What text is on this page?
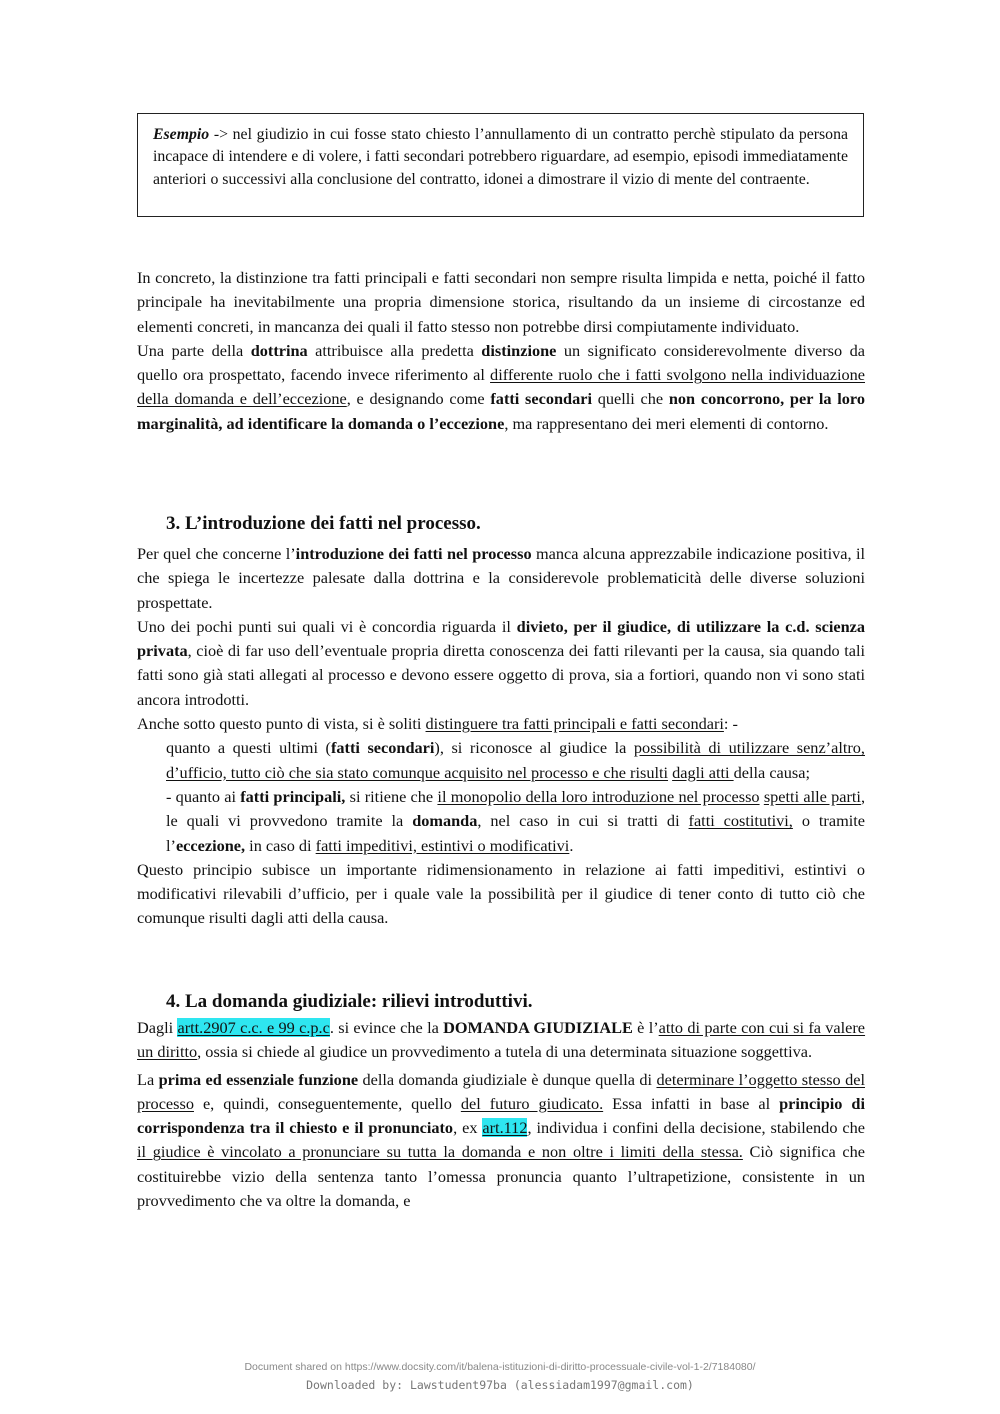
Esempio -> nel giudizio in cui fosse stato chiesto l’annullamento di un contratto perchè stipulato da persona incapace di intendere e di volere, i fatti secondari potrebbero riguardare, ad esempio, episodi immediatamente anteriori o successivi alla conclusione del contratto, idonei a dimostrare il vizio di mente del contraente.

In concreto, la distinzione tra fatti principali e fatti secondari non sempre risulta limpida e netta, poiché il fatto principale ha inevitabilmente una propria dimensione storica, risultando da un insieme di circostanze ed elementi concreti, in mancanza dei quali il fatto stesso non potrebbe dirsi compiutamente individuato.

Una parte della dottrina attribuisce alla predetta distinzione un significato considerevolmente diverso da quello ora prospettato, facendo invece riferimento al differente ruolo che i fatti svolgono nella individuazione della domanda e dell’eccezione, e designando come fatti secondari quelli che non concorrono, per la loro marginalità, ad identificare la domanda o l’eccezione, ma rappresentano dei meri elementi di contorno.

3. L’introduzione dei fatti nel processo.

Per quel che concerne l’introduzione dei fatti nel processo manca alcuna apprezzabile indicazione positiva, il che spiega le incertezze palesate dalla dottrina e la considerevole problematicità delle diverse soluzioni prospettate.

Uno dei pochi punti sui quali vi è concordia riguarda il divieto, per il giudice, di utilizzare la c.d. scienza privata, cioè di far uso dell’eventuale propria diretta conoscenza dei fatti rilevanti per la causa, sia quando tali fatti sono già stati allegati al processo e devono essere oggetto di prova, sia a fortiori, quando non vi sono stati ancora introdotti.

Anche sotto questo punto di vista, si è soliti distinguere tra fatti principali e fatti secondari: -

quanto a questi ultimi (fatti secondari), si riconosce al giudice la possibilità di utilizzare senz’altro, d’ufficio, tutto ciò che sia stato comunque acquisito nel processo e che risulti dagli atti della causa;

- quanto ai fatti principali, si ritiene che il monopolio della loro introduzione nel processo spetti alle parti, le quali vi provvedono tramite la domanda, nel caso in cui si tratti di fatti costitutivi, o tramite l’eccezione, in caso di fatti impeditivi, estintivi o modificativi.

Questo principio subisce un importante ridimensionamento in relazione ai fatti impeditivi, estintivi o modificativi rilevabili d’ufficio, per i quale vale la possibilità per il giudice di tener conto di tutto ciò che comunque risulti dagli atti della causa.

4. La domanda giudiziale: rilievi introduttivi.

Dagli artt.2907 c.c. e 99 c.p.c. si evince che la DOMANDA GIUDIZIALE è l’atto di parte con cui si fa valere un diritto, ossia si chiede al giudice un provvedimento a tutela di una determinata situazione soggettiva.

La prima ed essenziale funzione della domanda giudiziale è dunque quella di determinare l’oggetto stesso del processo e, quindi, conseguentemente, quello del futuro giudicato. Essa infatti in base al principio di corrispondenza tra il chiesto e il pronunciato, ex art.112, individua i confini della decisione, stabilendo che il giudice è vincolato a pronunciare su tutta la domanda e non oltre i limiti della stessa. Ciò significa che costituirebbe vizio della sentenza tanto l’omessa pronuncia quanto l’ultrapetizione, consistente in un provvedimento che va oltre la domanda, e

Document shared on https://www.docsity.com/it/balena-istituzioni-di-diritto-processuale-civile-vol-1-2/7184080/
Downloaded by: Lawstudent97ba (alessiadam1997@gmail.com)
